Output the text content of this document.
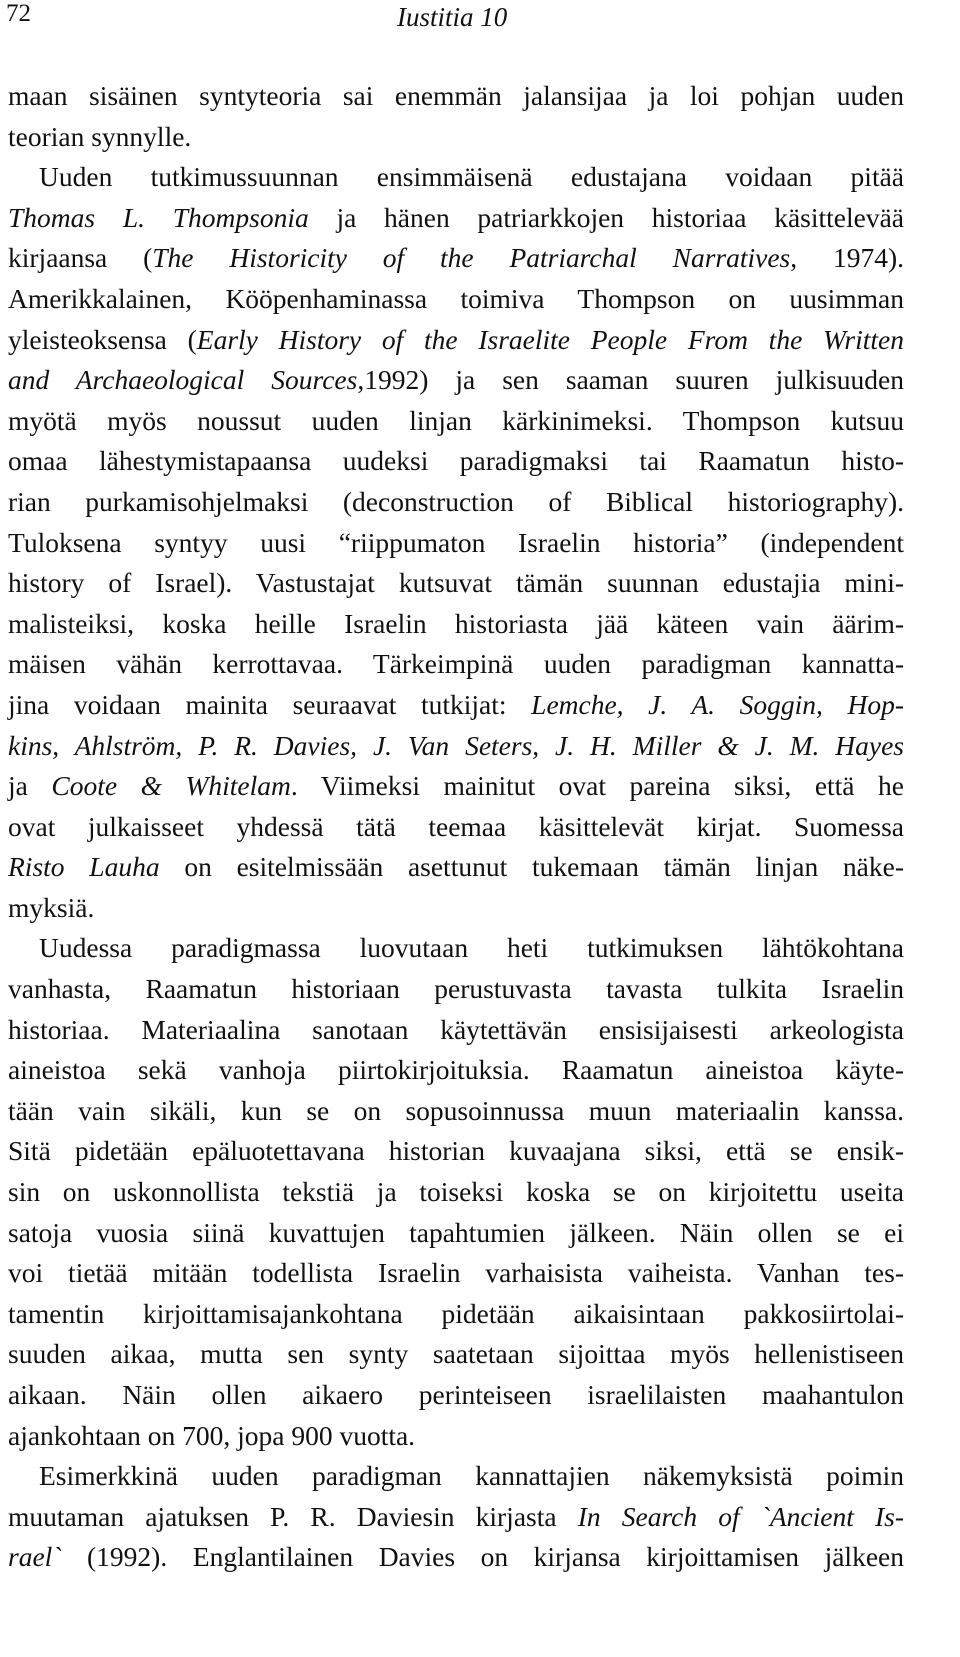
72	Iustitia 10
maan sisäinen syntyteoria sai enemmän jalansijaa ja loi pohjan uuden
teorian synnylle.
Uuden tutkimussuunnan ensimmäisenä edustajana voidaan pitää
Thomas L. Thompsonia ja hänen patriarkkojen historiaa käsittelevää
kirjaansa (The Historicity of the Patriarchal Narratives, 1974).
Amerikkalainen, Kööpenhaminassa toimiva Thompson on uusimman
yleisteoksensa (Early History of the Israelite People From the Written
and Archaeological Sources,1992) ja sen saaman suuren julkisuuden
myötä myös noussut uuden linjan kärkinimeksi. Thompson kutsuu
omaa lähestymistapaansa uudeksi paradigmaksi tai Raamatun histo-
rian purkamisohjelmaksi (deconstruction of Biblical historiography).
Tuloksena syntyy uusi “riippumaton Israelin historia” (independent
history of Israel). Vastustajat kutsuvat tämän suunnan edustajia mini-
malisteiksi, koska heille Israelin historiasta jää käteen vain äärim-
mäisen vähän kerrottavaa. Tärkeimpinä uuden paradigman kannatta-
jina voidaan mainita seuraavat tutkijat: Lemche, J. A. Soggin, Hop-
kins, Ahlström, P. R. Davies, J. Van Seters, J. H. Miller & J. M. Hayes
ja Coote & Whitelam. Viimeksi mainitut ovat pareina siksi, että he
ovat julkaisseet yhdessä tätä teemaa käsittelevät kirjat. Suomessa
Risto Lauha on esitelmissään asettunut tukemaan tämän linjan näke-
myksiä.
Uudessa paradigmassa luovutaan heti tutkimuksen lähtökohtana
vanhasta, Raamatun historiaan perustuvasta tavasta tulkita Israelin
historiaa. Materiaalina sanotaan käytettävän ensisijaisesti arkeologista
aineistoa sekä vanhoja piirtokirjoituksia. Raamatun aineistoa käyte-
tään vain sikäli, kun se on sopusoinnussa muun materiaalin kanssa.
Sitä pidetään epäluotettavana historian kuvaajana siksi, että se ensik-
sin on uskonnollista tekstiä ja toiseksi koska se on kirjoitettu useita
satoja vuosia siinä kuvattujen tapahtumien jälkeen. Näin ollen se ei
voi tietää mitään todellista Israelin varhaisista vaiheista. Vanhan tes-
tamentin kirjoittamisajankohtana pidetään aikaisintaan pakkosiirtolai-
suuden aikaa, mutta sen synty saatetaan sijoittaa myös hellenistiseen
aikaan. Näin ollen aikaero perinteiseen israelilaisten maahantulon
ajankohtaan on 700, jopa 900 vuotta.
Esimerkkinä uuden paradigman kannattajien näkemyksistä poimin
muutaman ajatuksen P. R. Daviesin kirjasta In Search of `Ancient Is-
rael` (1992). Englantilainen Davies on kirjansa kirjoittamisen jälkeen
